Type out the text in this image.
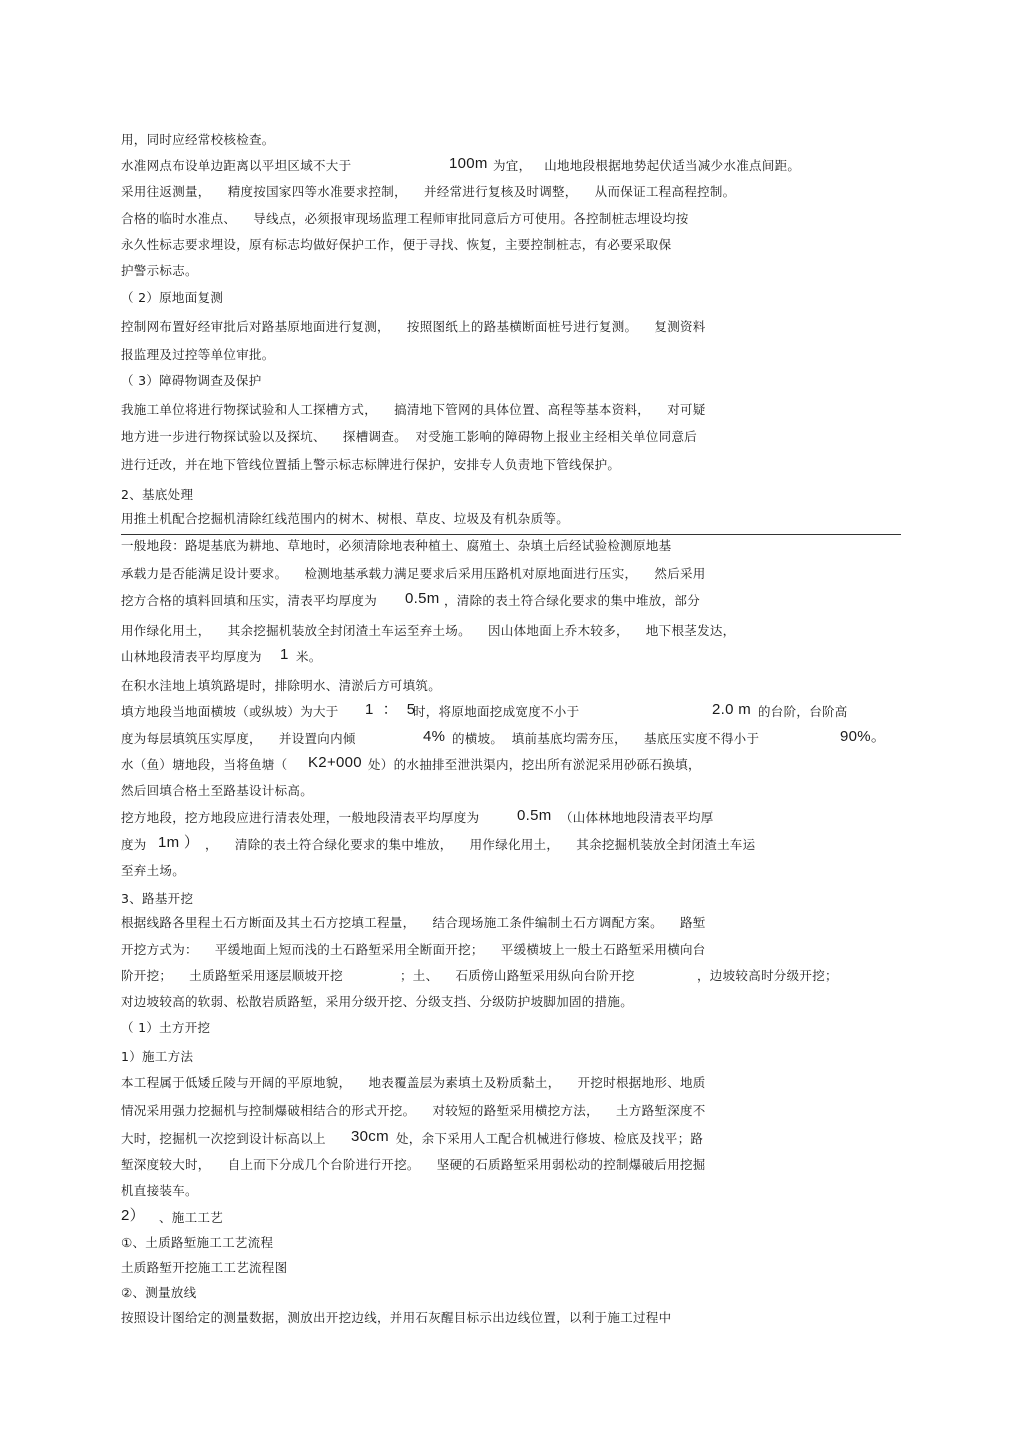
用，同时应经常校核检查。
水准网点布设单边距离以平坦区域不大于	100m 为宜，   山地地段根据地势起伏适当减少水准点间距。
采用往返测量，    精度按国家四等水准要求控制，    并经常进行复核及时调整，    从而保证工程高程控制。
合格的临时水准点、    导线点，必须报审现场监理工程师审批同意后方可使用。各控制桩志埋设均按
永久性标志要求埋设，原有标志均做好保护工作，便于寻找、恢复，主要控制桩志，有必要采取保
护警示标志。
（ 2）原地面复测
控制网布置好经审批后对路基原地面进行复测，    按照图纸上的路基横断面桩号进行复测。    复测资料
报监理及过控等单位审批。
（ 3）障碍物调查及保护
我施工单位将进行物探试验和人工探槽方式，    搞清地下管网的具体位置、高程等基本资料，    对可疑
地方进一步进行物探试验以及探坑、    探槽调查。  对受施工影响的障碍物上报业主经相关单位同意后
进行迁改，并在地下管线位置插上警示标志标牌进行保护，安排专人负责地下管线保护。
2、基底处理
用推土机配合挖掘机清除红线范围内的树木、树根、草皮、垃圾及有机杂质等。
一般地段：路堤基底为耕地、草地时，必须清除地表种植土、腐殖土、杂填土后经试验检测原地基
承载力是否能满足设计要求。    检测地基承载力满足要求后采用压路机对原地面进行压实，    然后采用
挖方合格的填料回填和压实，清表平均厚度为 0.5m ，清除的表土符合绿化要求的集中堆放，部分
用作绿化用土，    其余挖掘机装放全封闭渣土车运至弃土场。    因山体地面上乔木较多，    地下根茎发达，
山林地段清表平均厚度为 1 米。
在积水洼地上填筑路堤时，排除明水、清淤后方可填筑。
填方地段当地面横坡（或纵坡）为大于 1  ：  5
时，将原地面挖成宽度不小于	2.0 m 的台阶，台阶高
度为每层填筑压实厚度，    并设置向内倾	4% 的横坡。  填前基底均需夯压，    基底压实度不得小于	90%。
水（鱼）塘地段，当将鱼塘（ K2+000 处）的水抽排至泄洪渠内，挖出所有淤泥采用砂砾石换填，
然后回填合格土至路基设计标高。
挖方地段，挖方地段应进行清表处理，一般地段清表平均厚度为	0.5m （山体林地地段清表平均厚
度为 1m ） ，    清除的表土符合绿化要求的集中堆放，    用作绿化用土，    其余挖掘机装放全封闭渣土车运
至弃土场。
3、路基开挖
根据线路各里程土石方断面及其土石方挖填工程量，    结合现场施工条件编制土石方调配方案。    路堑
开挖方式为：    平缓地面上短而浅的土石路堑采用全断面开挖；    平缓横坡上一般土石路堑采用横向台
阶开挖；    土质路堑采用逐层顺坡开挖	；土、    石质傍山路堑采用纵向台阶开挖	，边坡较高时分级开挖；
对边坡较高的软弱、松散岩质路堑，采用分级开挖、分级支挡、分级防护坡脚加固的措施。
（ 1）土方开挖
1）施工方法
本工程属于低矮丘陵与开阔的平原地貌，    地表覆盖层为素填土及粉质黏土，    开挖时根据地形、地质
情况采用强力挖掘机与控制爆破相结合的形式开挖。    对较短的路堑采用横挖方法，    土方路堑深度不
大时，挖掘机一次挖到设计标高以上 30cm 处，余下采用人工配合机械进行修坡、检底及找平；路
堑深度较大时，    自上而下分成几个台阶进行开挖。    坚硬的石质路堑采用弱松动的控制爆破后用挖掘
机直接装车。
2） 、施工工艺
①、土质路堑施工工艺流程
土质路堑开挖施工工艺流程图
②、测量放线
按照设计图给定的测量数据，测放出开挖边线，并用石灰醒目标示出边线位置，以利于施工过程中
